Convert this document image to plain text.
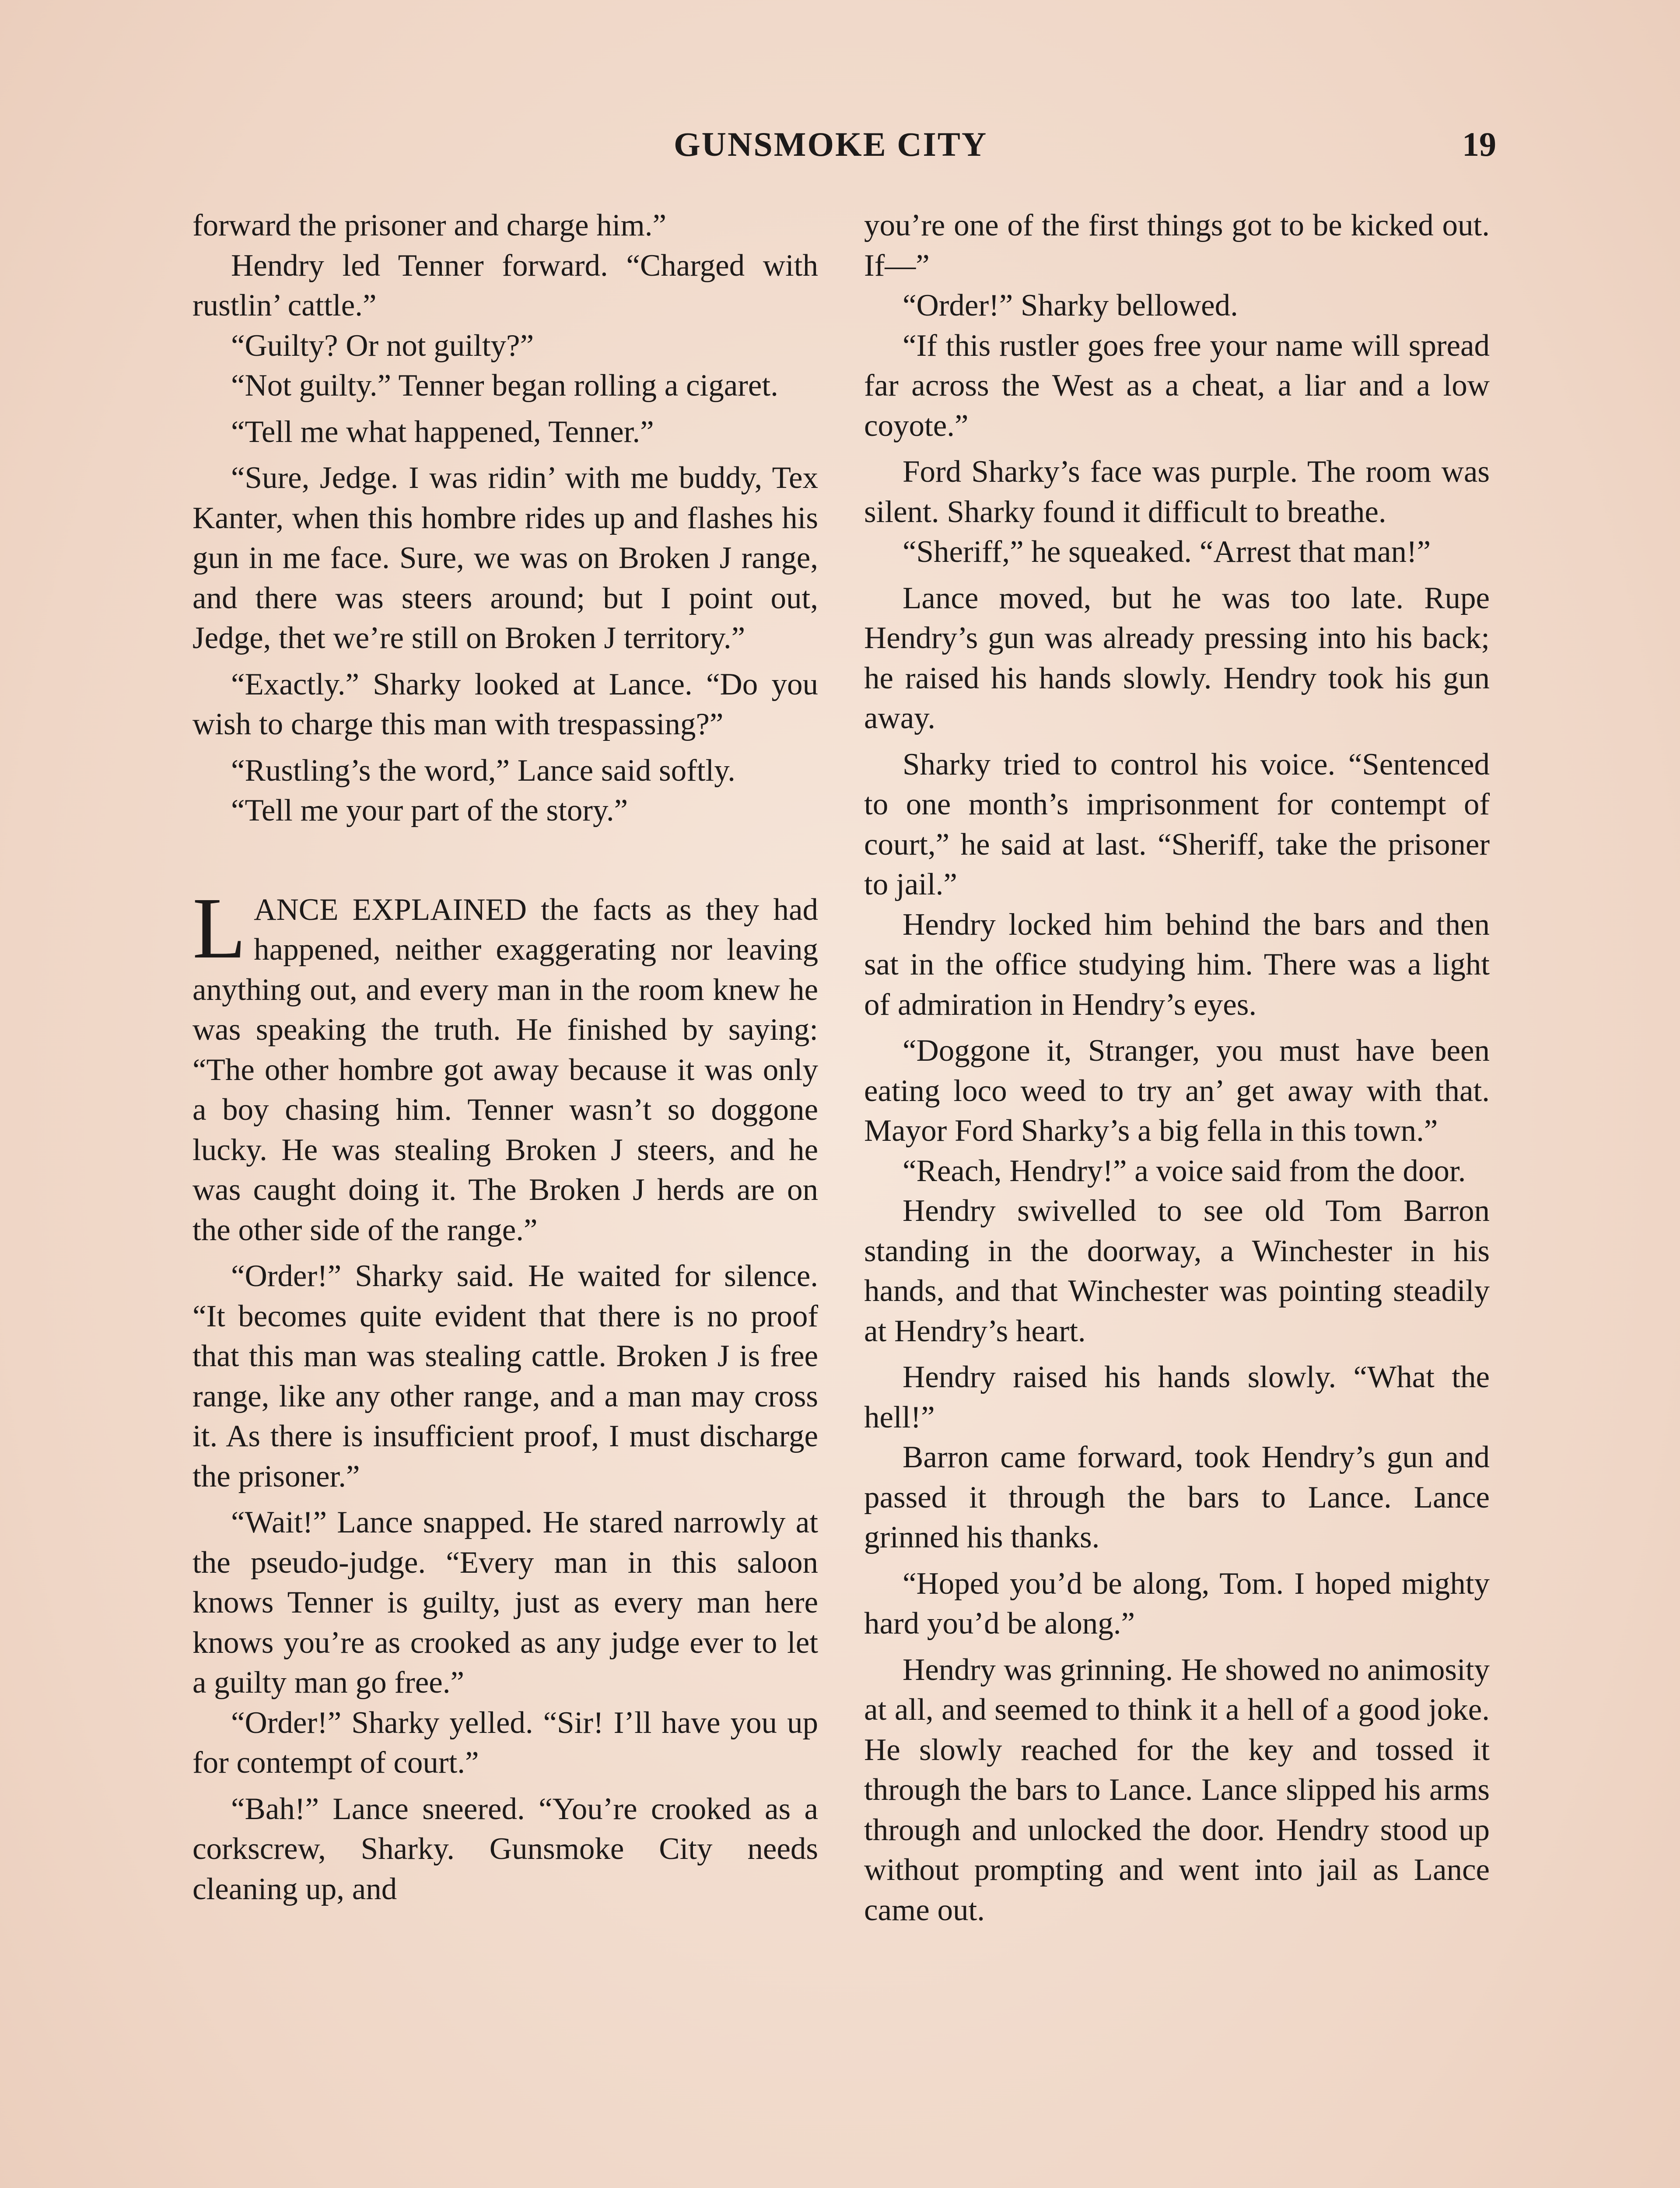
GUNSMOKE CITY	19

forward the prisoner and charge him.”

Hendry led Tenner forward. “Charged with rustlin’ cattle.”

“Guilty? Or not guilty?”

“Not guilty.” Tenner began rolling a cigaret.

“Tell me what happened, Tenner.”

“Sure, Jedge. I was ridin’ with me buddy, Tex Kanter, when this hombre rides up and flashes his gun in me face. Sure, we was on Broken J range, and there was steers around; but I point out, Jedge, thet we’re still on Broken J territory.”

“Exactly.” Sharky looked at Lance. “Do you wish to charge this man with trespassing?”

“Rustling’s the word,” Lance said softly.

“Tell me your part of the story.”

LANCE EXPLAINED the facts as they had happened, neither exaggerating nor leaving anything out, and every man in the room knew he was speaking the truth. He finished by saying: “The other hombre got away because it was only a boy chasing him. Tenner wasn’t so doggone lucky. He was stealing Broken J steers, and he was caught doing it. The Broken J herds are on the other side of the range.”

“Order!” Sharky said. He waited for silence. “It becomes quite evident that there is no proof that this man was stealing cattle. Broken J is free range, like any other range, and a man may cross it. As there is insufficient proof, I must discharge the prisoner.”

“Wait!” Lance snapped. He stared narrowly at the pseudo-judge. “Every man in this saloon knows Tenner is guilty, just as every man here knows you’re as crooked as any judge ever to let a guilty man go free.”

“Order!” Sharky yelled. “Sir! I’ll have you up for contempt of court.”

“Bah!” Lance sneered. “You’re crooked as a corkscrew, Sharky. Gunsmoke City needs cleaning up, and

you’re one of the first things got to be kicked out. If—”

“Order!” Sharky bellowed.

“If this rustler goes free your name will spread far across the West as a cheat, a liar and a low coyote.”

Ford Sharky’s face was purple. The room was silent. Sharky found it difficult to breathe.

“Sheriff,” he squeaked. “Arrest that man!”

Lance moved, but he was too late. Rupe Hendry’s gun was already pressing into his back; he raised his hands slowly. Hendry took his gun away.

Sharky tried to control his voice. “Sentenced to one month’s imprisonment for contempt of court,” he said at last. “Sheriff, take the prisoner to jail.”

Hendry locked him behind the bars and then sat in the office studying him. There was a light of admiration in Hendry’s eyes.

“Doggone it, Stranger, you must have been eating loco weed to try an’ get away with that. Mayor Ford Sharky’s a big fella in this town.”

“Reach, Hendry!” a voice said from the door.

Hendry swivelled to see old Tom Barron standing in the doorway, a Winchester in his hands, and that Winchester was pointing steadily at Hendry’s heart.

Hendry raised his hands slowly. “What the hell!”

Barron came forward, took Hendry’s gun and passed it through the bars to Lance. Lance grinned his thanks.

“Hoped you’d be along, Tom. I hoped mighty hard you’d be along.”

Hendry was grinning. He showed no animosity at all, and seemed to think it a hell of a good joke. He slowly reached for the key and tossed it through the bars to Lance. Lance slipped his arms through and unlocked the door. Hendry stood up without prompting and went into jail as Lance came out.
